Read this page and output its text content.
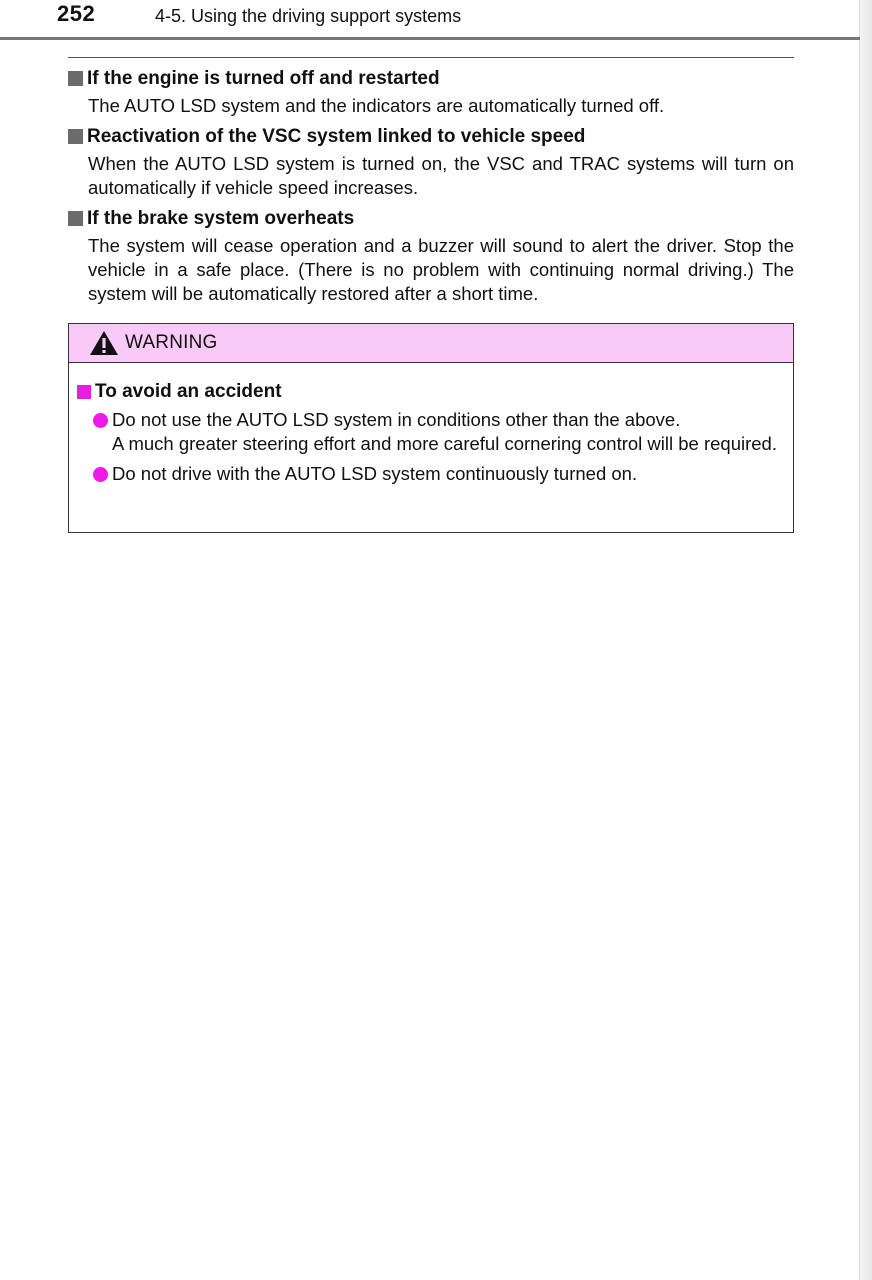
252	4-5. Using the driving support systems
If the engine is turned off and restarted
The AUTO LSD system and the indicators are automatically turned off.
Reactivation of the VSC system linked to vehicle speed
When the AUTO LSD system is turned on, the VSC and TRAC systems will turn on automatically if vehicle speed increases.
If the brake system overheats
The system will cease operation and a buzzer will sound to alert the driver. Stop the vehicle in a safe place. (There is no problem with continuing normal driving.) The system will be automatically restored after a short time.
WARNING
To avoid an accident
Do not use the AUTO LSD system in conditions other than the above.
A much greater steering effort and more careful cornering control will be required.
Do not drive with the AUTO LSD system continuously turned on.
